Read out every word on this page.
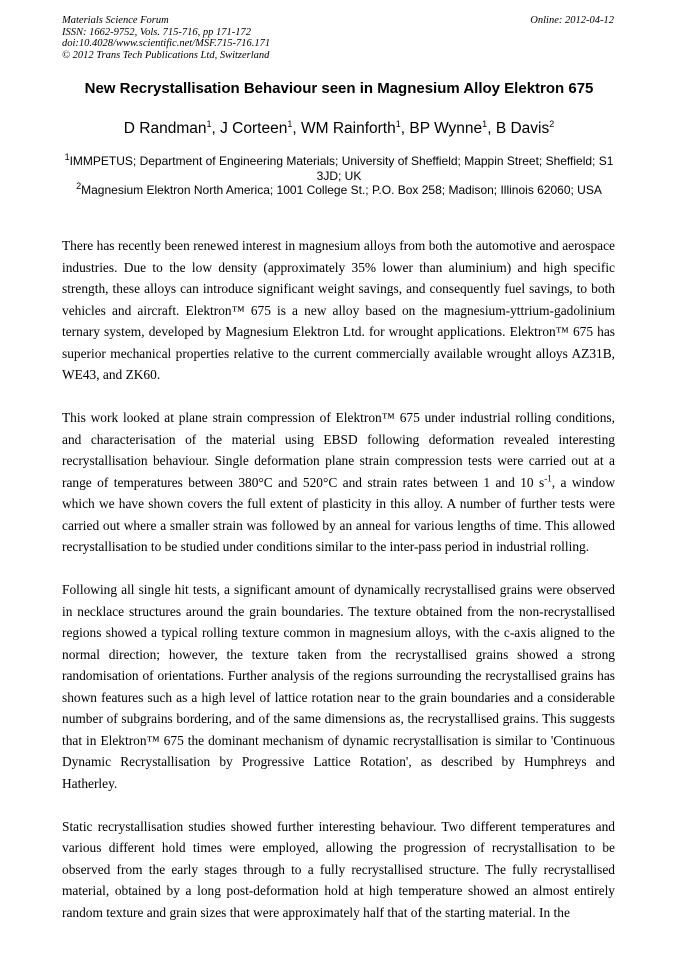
Materials Science Forum
ISSN: 1662-9752, Vols. 715-716, pp 171-172
doi:10.4028/www.scientific.net/MSF.715-716.171
© 2012 Trans Tech Publications Ltd, Switzerland
Online: 2012-04-12
New Recrystallisation Behaviour seen in Magnesium Alloy Elektron 675
D Randman$^1$, J Corteen$^1$, WM Rainforth$^1$, BP Wynne$^1$, B Davis$^2$
$^1$IMMPETUS; Department of Engineering Materials; University of Sheffield; Mappin Street; Sheffield; S1 3JD; UK
$^2$Magnesium Elektron North America; 1001 College St.; P.O. Box 258; Madison; Illinois 62060; USA

There has recently been renewed interest in magnesium alloys from both the automotive and aerospace industries. Due to the low density (approximately 35% lower than aluminium) and high specific strength, these alloys can introduce significant weight savings, and consequently fuel savings, to both vehicles and aircraft. Elektron™ 675 is a new alloy based on the magnesium-yttrium-gadolinium ternary system, developed by Magnesium Elektron Ltd. for wrought applications. Elektron™ 675 has superior mechanical properties relative to the current commercially available wrought alloys AZ31B, WE43, and ZK60.

This work looked at plane strain compression of Elektron™ 675 under industrial rolling conditions, and characterisation of the material using EBSD following deformation revealed interesting recrystallisation behaviour. Single deformation plane strain compression tests were carried out at a range of temperatures between 380°C and 520°C and strain rates between 1 and 10 $s^{-1}$, a window which we have shown covers the full extent of plasticity in this alloy. A number of further tests were carried out where a smaller strain was followed by an anneal for various lengths of time. This allowed recrystallisation to be studied under conditions similar to the inter-pass period in industrial rolling.

Following all single hit tests, a significant amount of dynamically recrystallised grains were observed in necklace structures around the grain boundaries. The texture obtained from the non-recrystallised regions showed a typical rolling texture common in magnesium alloys, with the c-axis aligned to the normal direction; however, the texture taken from the recrystallised grains showed a strong randomisation of orientations. Further analysis of the regions surrounding the recrystallised grains has shown features such as a high level of lattice rotation near to the grain boundaries and a considerable number of subgrains bordering, and of the same dimensions as, the recrystallised grains. This suggests that in Elektron™ 675 the dominant mechanism of dynamic recrystallisation is similar to 'Continuous Dynamic Recrystallisation by Progressive Lattice Rotation', as described by Humphreys and Hatherley.

Static recrystallisation studies showed further interesting behaviour. Two different temperatures and various different hold times were employed, allowing the progression of recrystallisation to be observed from the early stages through to a fully recrystallised structure. The fully recrystallised material, obtained by a long post-deformation hold at high temperature showed an almost entirely random texture and grain sizes that were approximately half that of the starting material. In the
